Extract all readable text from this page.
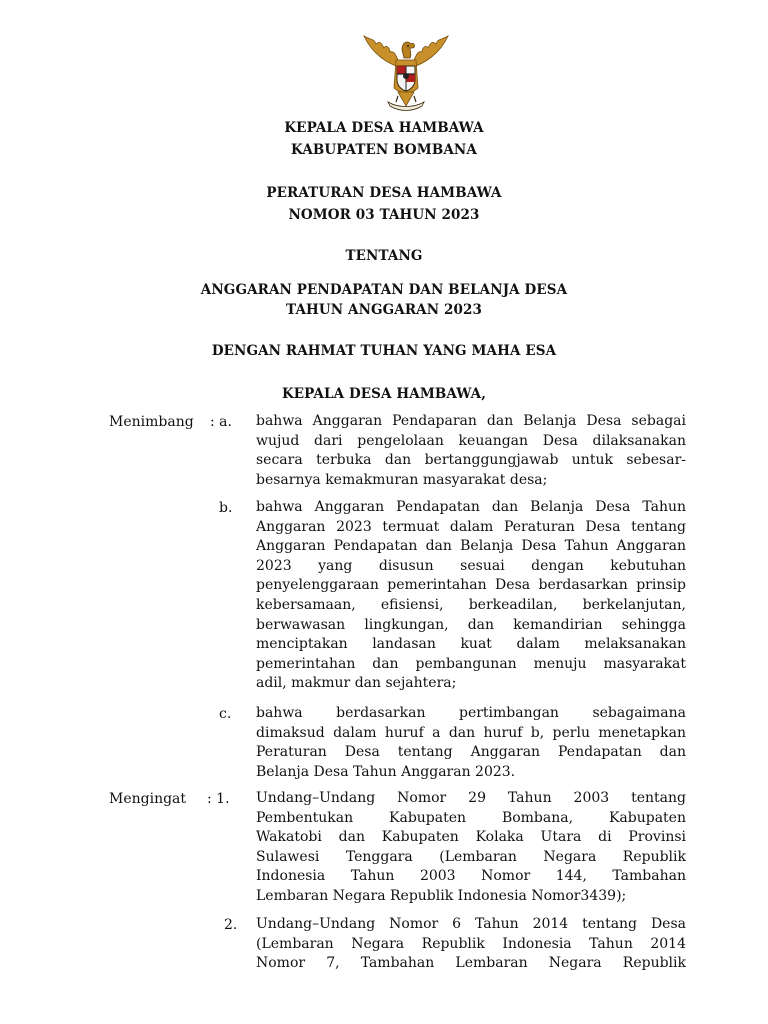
KEPALA DESA HAMBAWA
KABUPATEN BOMBANA
PERATURAN DESA HAMBAWA
NOMOR 03 TAHUN 2023
TENTANG
ANGGARAN PENDAPATAN DAN BELANJA DESA
TAHUN ANGGARAN 2023
DENGAN RAHMAT TUHAN YANG MAHA ESA
KEPALA DESA HAMBAWA,
Menimbang : a. bahwa Anggaran Pendaparan dan Belanja Desa sebagai
wujud dari pengelolaan keuangan Desa dilaksanakan
secara terbuka dan bertanggungjawab untuk sebesar-
besarnya kemakmuran masyarakat desa;
b. bahwa Anggaran Pendapatan dan Belanja Desa Tahun
Anggaran 2023 termuat dalam Peraturan Desa tentang
Anggaran Pendapatan dan Belanja Desa Tahun Anggaran
2023 yang disusun sesuai dengan kebutuhan
penyelenggaraan pemerintahan Desa berdasarkan prinsip
kebersamaan, efisiensi, berkeadilan, berkelanjutan,
berwawasan lingkungan, dan kemandirian sehingga
menciptakan landasan kuat dalam melaksanakan
pemerintahan dan pembangunan menuju masyarakat
adil, makmur dan sejahtera;
c. bahwa berdasarkan pertimbangan sebagaimana
dimaksud dalam huruf a dan huruf b, perlu menetapkan
Peraturan Desa tentang Anggaran Pendapatan dan
Belanja Desa Tahun Anggaran 2023.
Mengingat : 1. Undang–Undang Nomor 29 Tahun 2003 tentang
Pembentukan Kabupaten Bombana, Kabupaten
Wakatobi dan Kabupaten Kolaka Utara di Provinsi
Sulawesi Tenggara (Lembaran Negara Republik
Indonesia Tahun 2003 Nomor 144, Tambahan
Lembaran Negara Republik Indonesia Nomor3439);
2. Undang–Undang Nomor 6 Tahun 2014 tentang Desa
(Lembaran Negara Republik Indonesia Tahun 2014
Nomor 7, Tambahan Lembaran Negara Republik
